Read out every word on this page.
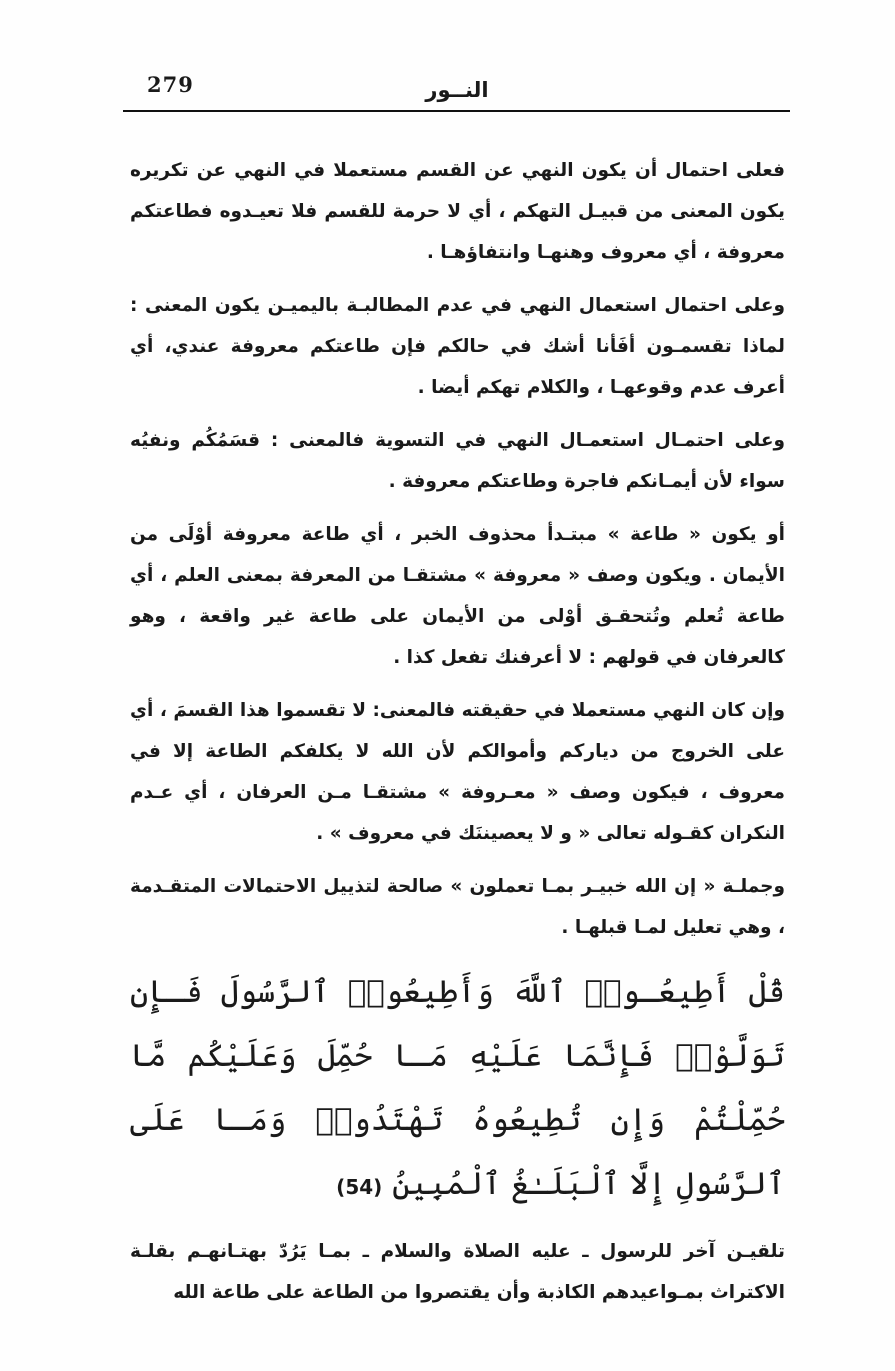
279	النــور

فعلى احتمال أن يكون النهي عن القسم مستعملا في النهي عن تكريره يكون المعنى من قبيـل التهكم ، أي لا حرمة للقسم فلا تعيـدوه فطاعتكم معروفة ، أي معروف وهنهـا وانتفاؤهـا .

وعلى احتمال استعمال النهي في عدم المطالبـة باليميـن يكون المعنى : لماذا تقسمـون أفَأنا أشك في حالكم فإن طاعتكم معروفة عندي، أي أعرف عدم وقوعهـا ، والكلام تهكم أيضا .

وعلى احتمـال استعمـال النهي في التسوية فالمعنى : قسَمُكُم ونفيُه سواء لأن أيمـانكم فاجرة وطاعتكم معروفة .

أو يكون « طاعة » مبتـدأ محذوف الخبر ، أي طاعة معروفة أوْلَى من الأيمان . ويكون وصف « معروفة » مشتقـا من المعرفة بمعنى العلم ، أي طاعة تُعلم وتُتحقـق أوْلى من الأيمان على طاعة غير واقعة ، وهو كالعرفان في قولهم : لا أعرفنك تفعل كذا .

وإن كان النهي مستعملا في حقيقته فالمعنى: لا تقسموا هذا القسمَ ، أي على الخروج من دياركم وأموالكم لأن الله لا يكلفكم الطاعة إلا في معروف ، فيكون وصف « معـروفة » مشتقـا مـن العرفان ، أي عـدم النكران كقـوله تعالى « و لا يعصيننَك في معروف » .

وجملـة « إن الله خبيـر بمـا تعملون » صالحة لتذييل الاحتمالات المتقـدمة ، وهي تعليل لمـا قبلهـا .

قُلْ أَطِيعُـوا۟ ٱللَّهَ وَأَطِيعُوا۟ ٱلرَّسُولَ فَـإِن تَوَلَّوْا۟ فَإِنَّمَا عَلَيْهِ مَـا حُمِّلَ وَعَلَيْكُم مَّا حُمِّلْتُمْ وَإِن تُطِيعُوهُ تَهْتَدُوا۟ وَمَـا عَلَى ٱلرَّسُولِ إِلَّا ٱلْبَلَـٰغُ ٱلْمُبِينُ (54)

تلقيـن آخر للرسول ـ عليه الصلاة والسلام ـ بمـا يَرُدّ بهتـانهـم بقلـة الاكتراث بمـواعيدهم الكاذبة وأن يقتصروا من الطاعة على طاعة الله
